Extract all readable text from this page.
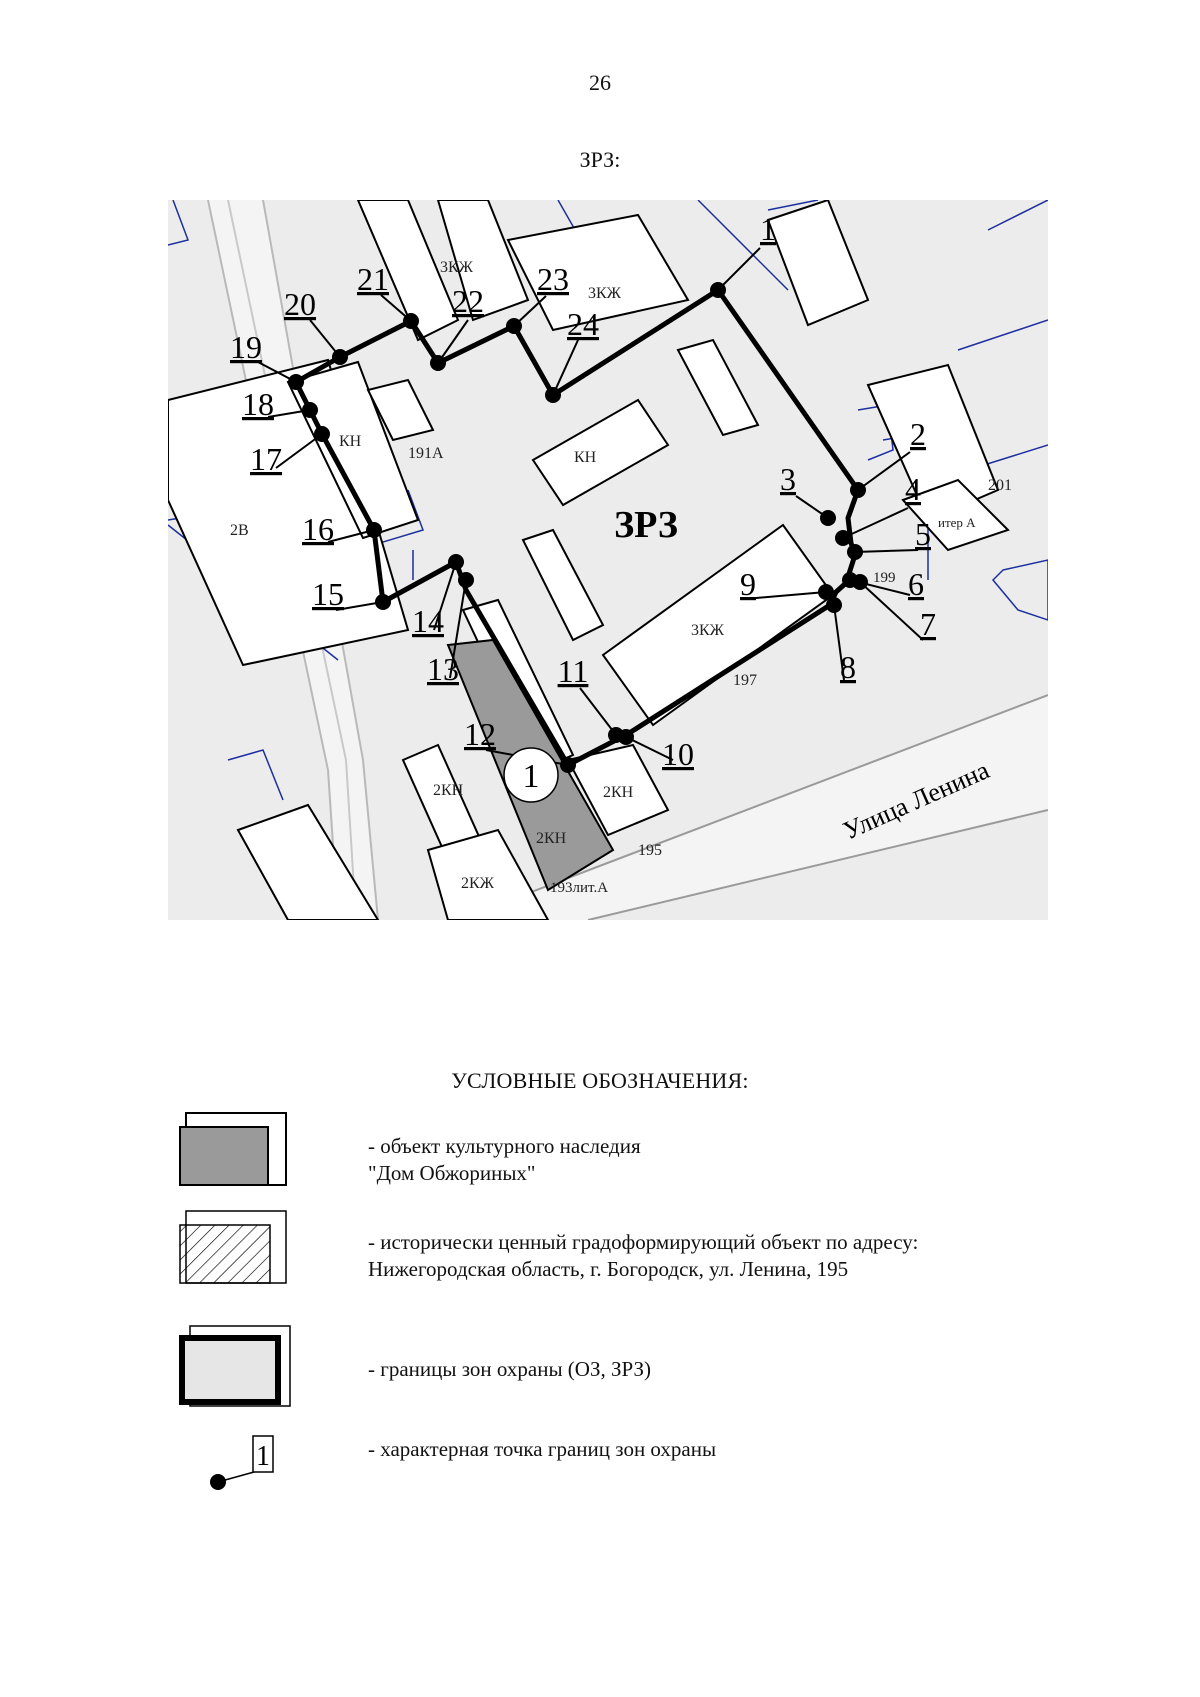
26
ЗРЗ:
1
2
3	4
5
6
7
8
9
10
11
12
13
14
15
16
17
18
19
20
21
22
23
24
1
ЗРЗ
Улица Ленина
3КЖ
3КЖ
КН
КН
191А
2В
201
итер А
199
3КЖ
197
2КН
2КН
2КН
195
2КЖ	193лит.А
УСЛОВНЫЕ ОБОЗНАЧЕНИЯ:
- объект культурного наследия
"Дом Обжориных"
- исторически ценный градоформирующий объект по адресу:
Нижегородская область, г. Богородск, ул. Ленина, 195
- границы зон охраны (ОЗ, ЗРЗ)
1	- характерная точка границ зон охраны
